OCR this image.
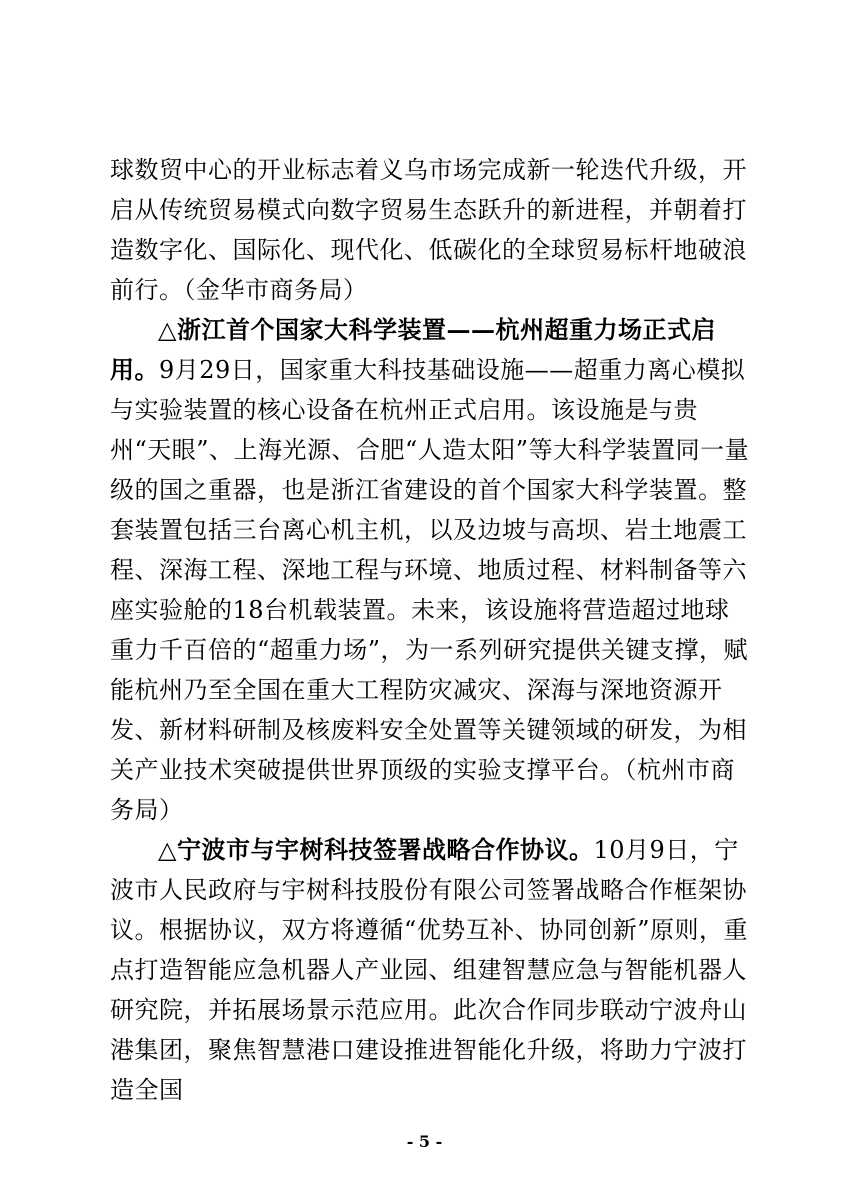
球数贸中心的开业标志着义乌市场完成新一轮迭代升级，开启从传统贸易模式向数字贸易生态跃升的新进程，并朝着打造数字化、国际化、现代化、低碳化的全球贸易标杆地破浪前行。（金华市商务局）

△浙江首个国家大科学装置——杭州超重力场正式启用。9月29日，国家重大科技基础设施——超重力离心模拟与实验装置的核心设备在杭州正式启用。该设施是与贵州“天眼”、上海光源、合肥“人造太阳”等大科学装置同一量级的国之重器，也是浙江省建设的首个国家大科学装置。整套装置包括三台离心机主机，以及边坡与高坝、岩土地震工程、深海工程、深地工程与环境、地质过程、材料制备等六座实验舱的18台机载装置。未来，该设施将营造超过地球重力千百倍的“超重力场”，为一系列研究提供关键支撑，赋能杭州乃至全国在重大工程防灾减灾、深海与深地资源开发、新材料研制及核废料安全处置等关键领域的研发，为相关产业技术突破提供世界顶级的实验支撑平台。（杭州市商务局）

△宁波市与宇树科技签署战略合作协议。10月9日，宁波市人民政府与宇树科技股份有限公司签署战略合作框架协议。根据协议，双方将遵循“优势互补、协同创新”原则，重点打造智能应急机器人产业园、组建智慧应急与智能机器人研究院，并拓展场景示范应用。此次合作同步联动宁波舟山港集团，聚焦智慧港口建设推进智能化升级，将助力宁波打造全国

- 5 -
